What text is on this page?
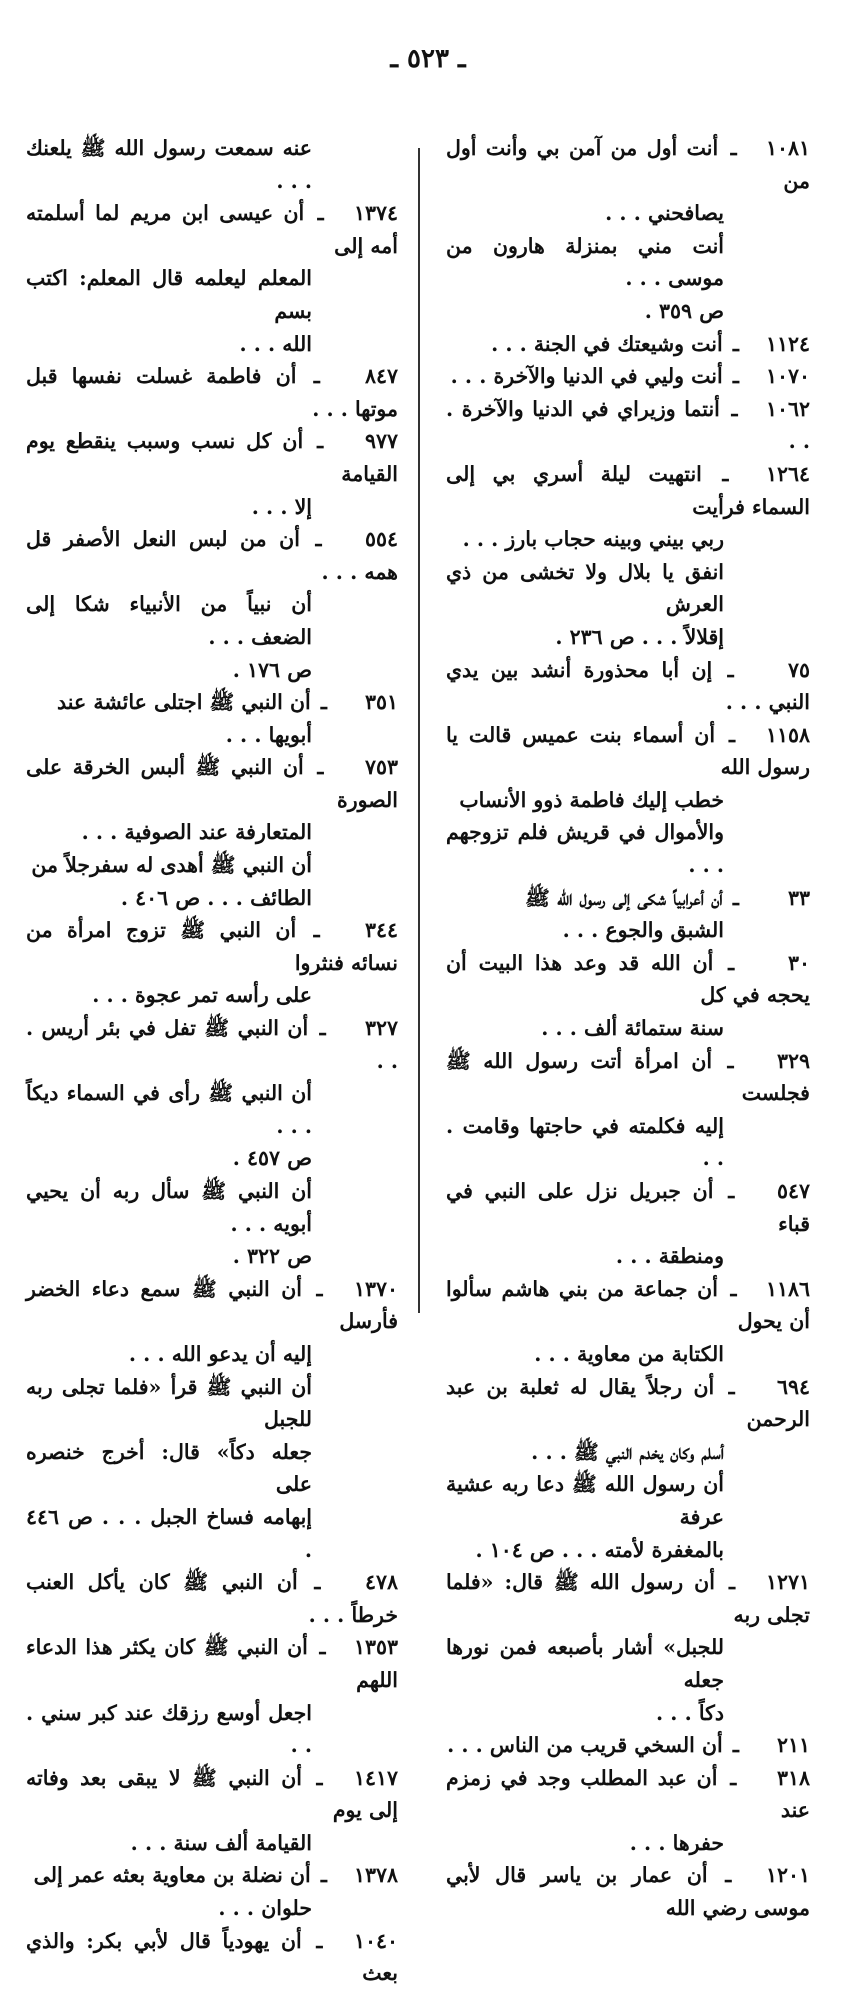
ـ ٥٢٣ ـ
١٠٨١ ـ أنت أول من آمن بي وأنت أول من
يصافحني . . .
أنت مني بمنزلة هارون من موسى . . .
ص ٣٥٩ .
١١٢٤ ـ أنت وشيعتك في الجنة . . .
١٠٧٠ ـ أنت وليي في الدنيا والآخرة . . .
١٠٦٢ ـ أنتما وزيراي في الدنيا والآخرة . . .
١٢٦٤ ـ انتهيت ليلة أسري بي إلى السماء فرأيت
ربي بيني وبينه حجاب بارز . . .
انفق يا بلال ولا تخشى من ذي العرش
إقلالاً . . . ص ٢٣٦ .
٧٥ ـ إن أبا محذورة أنشد بين يدي النبي . . .
١١٥٨ ـ أن أسماء بنت عميس قالت يا رسول الله
خطب إليك فاطمة ذوو الأنساب
والأموال في قريش فلم تزوجهم . . .
٣٣ ـ أن أعرابياً شكى إلى رسول الله ﷺ
الشبق والجوع . . .
٣٠ ـ أن الله قد وعد هذا البيت أن يحجه في كل
سنة ستمائة ألف . . .
٣٢٩ ـ أن امرأة أتت رسول الله ﷺ فجلست
إليه فكلمته في حاجتها وقامت . . .
٥٤٧ ـ أن جبريل نزل على النبي في قباء
ومنطقة . . .
١١٨٦ ـ أن جماعة من بني هاشم سألوا أن يحول
الكتابة من معاوية . . .
٦٩٤ ـ أن رجلاً يقال له ثعلبة بن عبد الرحمن
أسلم وكان يخدم النبي ﷺ . . .
أن رسول الله ﷺ دعا ربه عشية عرفة
بالمغفرة لأمته . . . ص ١٠٤ .
١٢٧١ ـ أن رسول الله ﷺ قال: «فلما تجلى ربه
للجبل» أشار بأصبعه فمن نورها جعله
دكاً . . .
٢١١ ـ أن السخي قريب من الناس . . .
٣١٨ ـ أن عبد المطلب وجد في زمزم عند
حفرها . . .
١٢٠١ ـ أن عمار بن ياسر قال لأبي موسى رضي الله
عنه سمعت رسول الله ﷺ يلعنك . . .
١٣٧٤ ـ أن عيسى ابن مريم لما أسلمته أمه إلى
المعلم ليعلمه قال المعلم: اكتب بسم
الله . . .
٨٤٧ ـ أن فاطمة غسلت نفسها قبل موتها . . .
٩٧٧ ـ أن كل نسب وسبب ينقطع يوم القيامة
إلا . . .
٥٥٤ ـ أن من لبس النعل الأصفر قل همه . . .
أن نبياً من الأنبياء شكا إلى الضعف . . .
ص ١٧٦ .
٣٥١ ـ أن النبي ﷺ اجتلى عائشة عند
أبويها . . .
٧٥٣ ـ أن النبي ﷺ ألبس الخرقة على الصورة
المتعارفة عند الصوفية . . .
أن النبي ﷺ أهدى له سفرجلاً من
الطائف . . . ص ٤٠٦ .
٣٤٤ ـ أن النبي ﷺ تزوج امرأة من نسائه فنثروا
على رأسه تمر عجوة . . .
٣٢٧ ـ أن النبي ﷺ تفل في بئر أريس . . .
أن النبي ﷺ رأى في السماء ديكاً . . .
ص ٤٥٧ .
أن النبي ﷺ سأل ربه أن يحيي أبويه . . .
ص ٣٢٢ .
١٣٧٠ ـ أن النبي ﷺ سمع دعاء الخضر فأرسل
إليه أن يدعو الله . . .
أن النبي ﷺ قرأ «فلما تجلى ربه للجبل
جعله دكاً» قال: أخرج خنصره على
إبهامه فساخ الجبل . . . ص ٤٤٦ .
٤٧٨ ـ أن النبي ﷺ كان يأكل العنب خرطاً . . .
١٣٥٣ ـ أن النبي ﷺ كان يكثر هذا الدعاء اللهم
اجعل أوسع رزقك عند كبر سني . . .
١٤١٧ ـ أن النبي ﷺ لا يبقى بعد وفاته إلى يوم
القيامة ألف سنة . . .
١٣٧٨ ـ أن نضلة بن معاوية بعثه عمر إلى
حلوان . . .
١٠٤٠ ـ أن يهودياً قال لأبي بكر: والذي بعث
